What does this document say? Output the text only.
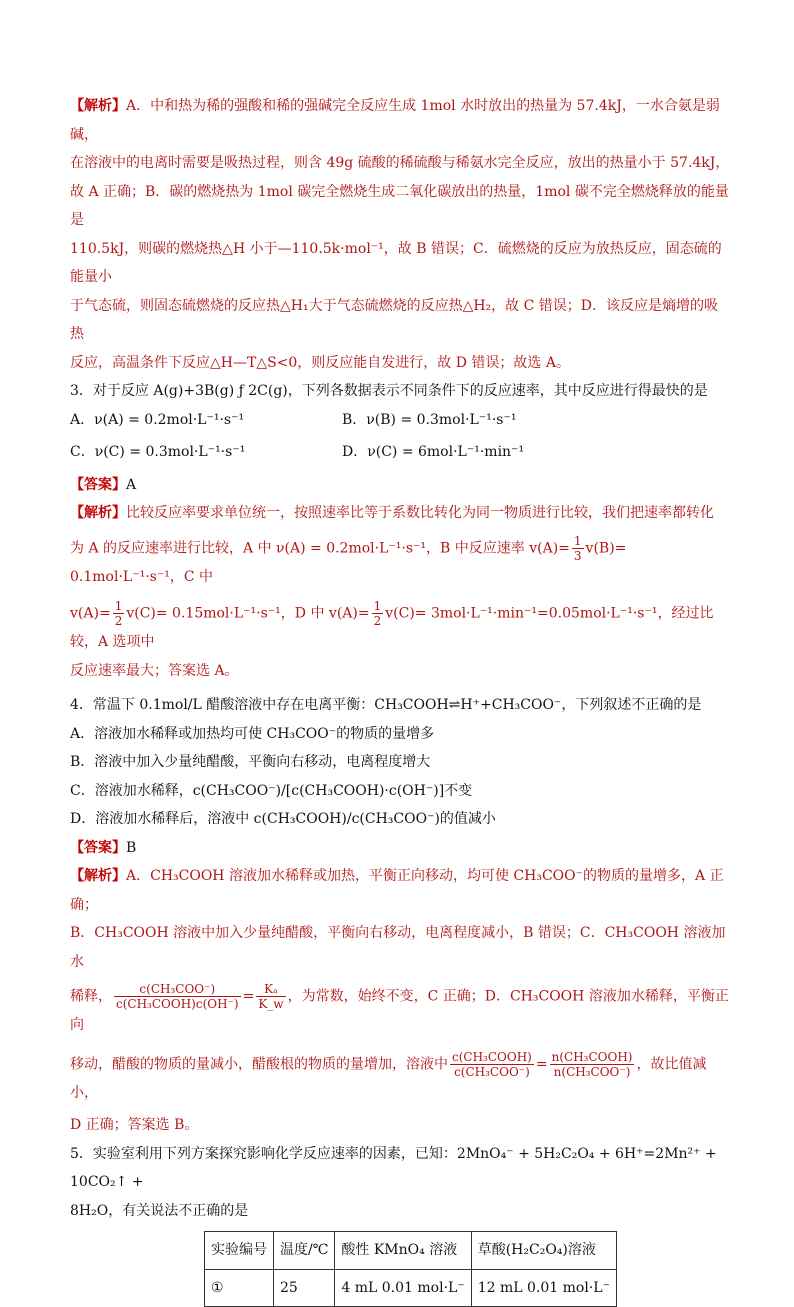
【解析】A．中和热为稀的强酸和稀的强碱完全反应生成 1mol 水时放出的热量为 57.4kJ，一水合氨是弱碱，

在溶液中的电离时需要是吸热过程，则含 49g 硫酸的稀硫酸与稀氨水完全反应，放出的热量小于 57.4kJ，

故 A 正确；B．碳的燃烧热为 1mol 碳完全燃烧生成二氧化碳放出的热量，1mol 碳不完全燃烧释放的能量是

110.5kJ，则碳的燃烧热△H 小于—110.5k·mol⁻¹，故 B 错误；C．硫燃烧的反应为放热反应，固态硫的能量小

于气态硫，则固态硫燃烧的反应热△H₁大于气态硫燃烧的反应热△H₂，故 C 错误；D．该反应是熵增的吸热

反应，高温条件下反应△H—T△S<0，则反应能自发进行，故 D 错误；故选 A。

3．对于反应 A(g)+3B(g) ƒ 2C(g)，下列各数据表示不同条件下的反应速率，其中反应进行得最快的是

A．ν(A) = 0.2mol·L⁻¹·s⁻¹	B．ν(B) = 0.3mol·L⁻¹·s⁻¹

C．ν(C) = 0.3mol·L⁻¹·s⁻¹	D．ν(C) = 6mol·L⁻¹·min⁻¹

【答案】A

【解析】比较反应率要求单位统一，按照速率比等于系数比转化为同一物质进行比较，我们把速率都转化

为 A 的反应速率进行比较，A 中 ν(A) = 0.2mol·L⁻¹·s⁻¹，B 中反应速率 $v(A)= \frac{1}{3} v(B)= 0.1mol\cdot L^{-1}\cdot s^{-1}$，C 中

$v(A)= \frac{1}{2} v(C)= 0.15mol\cdot L^{-1}\cdot s^{-1}$，D 中 $v(A)= \frac{1}{2} v(C)= 3mol\cdot L^{-1}\cdot\min^{-1}=0.05mol\cdot L^{-1}\cdot s^{-1}$，经过比较，A 选项中

反应速率最大；答案选 A。

4．常温下 0.1mol/L 醋酸溶液中存在电离平衡：CH₃COOH⇌H⁺+CH₃COO⁻，下列叙述不正确的是

A．溶液加水稀释或加热均可使 CH₃COO⁻的物质的量增多

B．溶液中加入少量纯醋酸，平衡向右移动，电离程度增大

C．溶液加水稀释，c(CH₃COO⁻)/[c(CH₃COOH)·c(OH⁻)]不变

D．溶液加水稀释后，溶液中 c(CH₃COOH)/c(CH₃COO⁻)的值减小

【答案】B

【解析】A．CH₃COOH 溶液加水稀释或加热，平衡正向移动，均可使 CH₃COO⁻的物质的量增多，A 正确；

B．CH₃COOH 溶液中加入少量纯醋酸，平衡向右移动，电离程度减小，B 错误；C．CH₃COOH 溶液加水

稀释， $\frac{\text{c(CH₃COO⁻)}}{\text{c(CH₃COOH)c(OH⁻)}} = \frac{\text{Kₐ}}{K\_w}$ ，为常数，始终不变，C 正确；D．CH₃COOH 溶液加水稀释，平衡正向

移动，醋酸的物质的量减小，醋酸根的物质的量增加，溶液中 $\frac{\text{c(CH₃COOH)}}{\text{c(CH₃COO⁻)}} = \frac{\text{n(CH₃COOH)}}{\text{n(CH₃COO⁻)}}$ ，故比值减小，

D 正确；答案选 B。

5．实验室利用下列方案探究影响化学反应速率的因素，已知：2MnO₄⁻ + 5H₂C₂O₄ + 6H⁺=2Mn²⁺ + 10CO₂↑ +

8H₂O，有关说法不正确的是

实验编号	温度/℃	酸性 KMnO₄ 溶液	草酸(H₂C₂O₄)溶液
①	25	4 mL 0.01 mol·L⁻	12 mL 0.01 mol·L⁻
